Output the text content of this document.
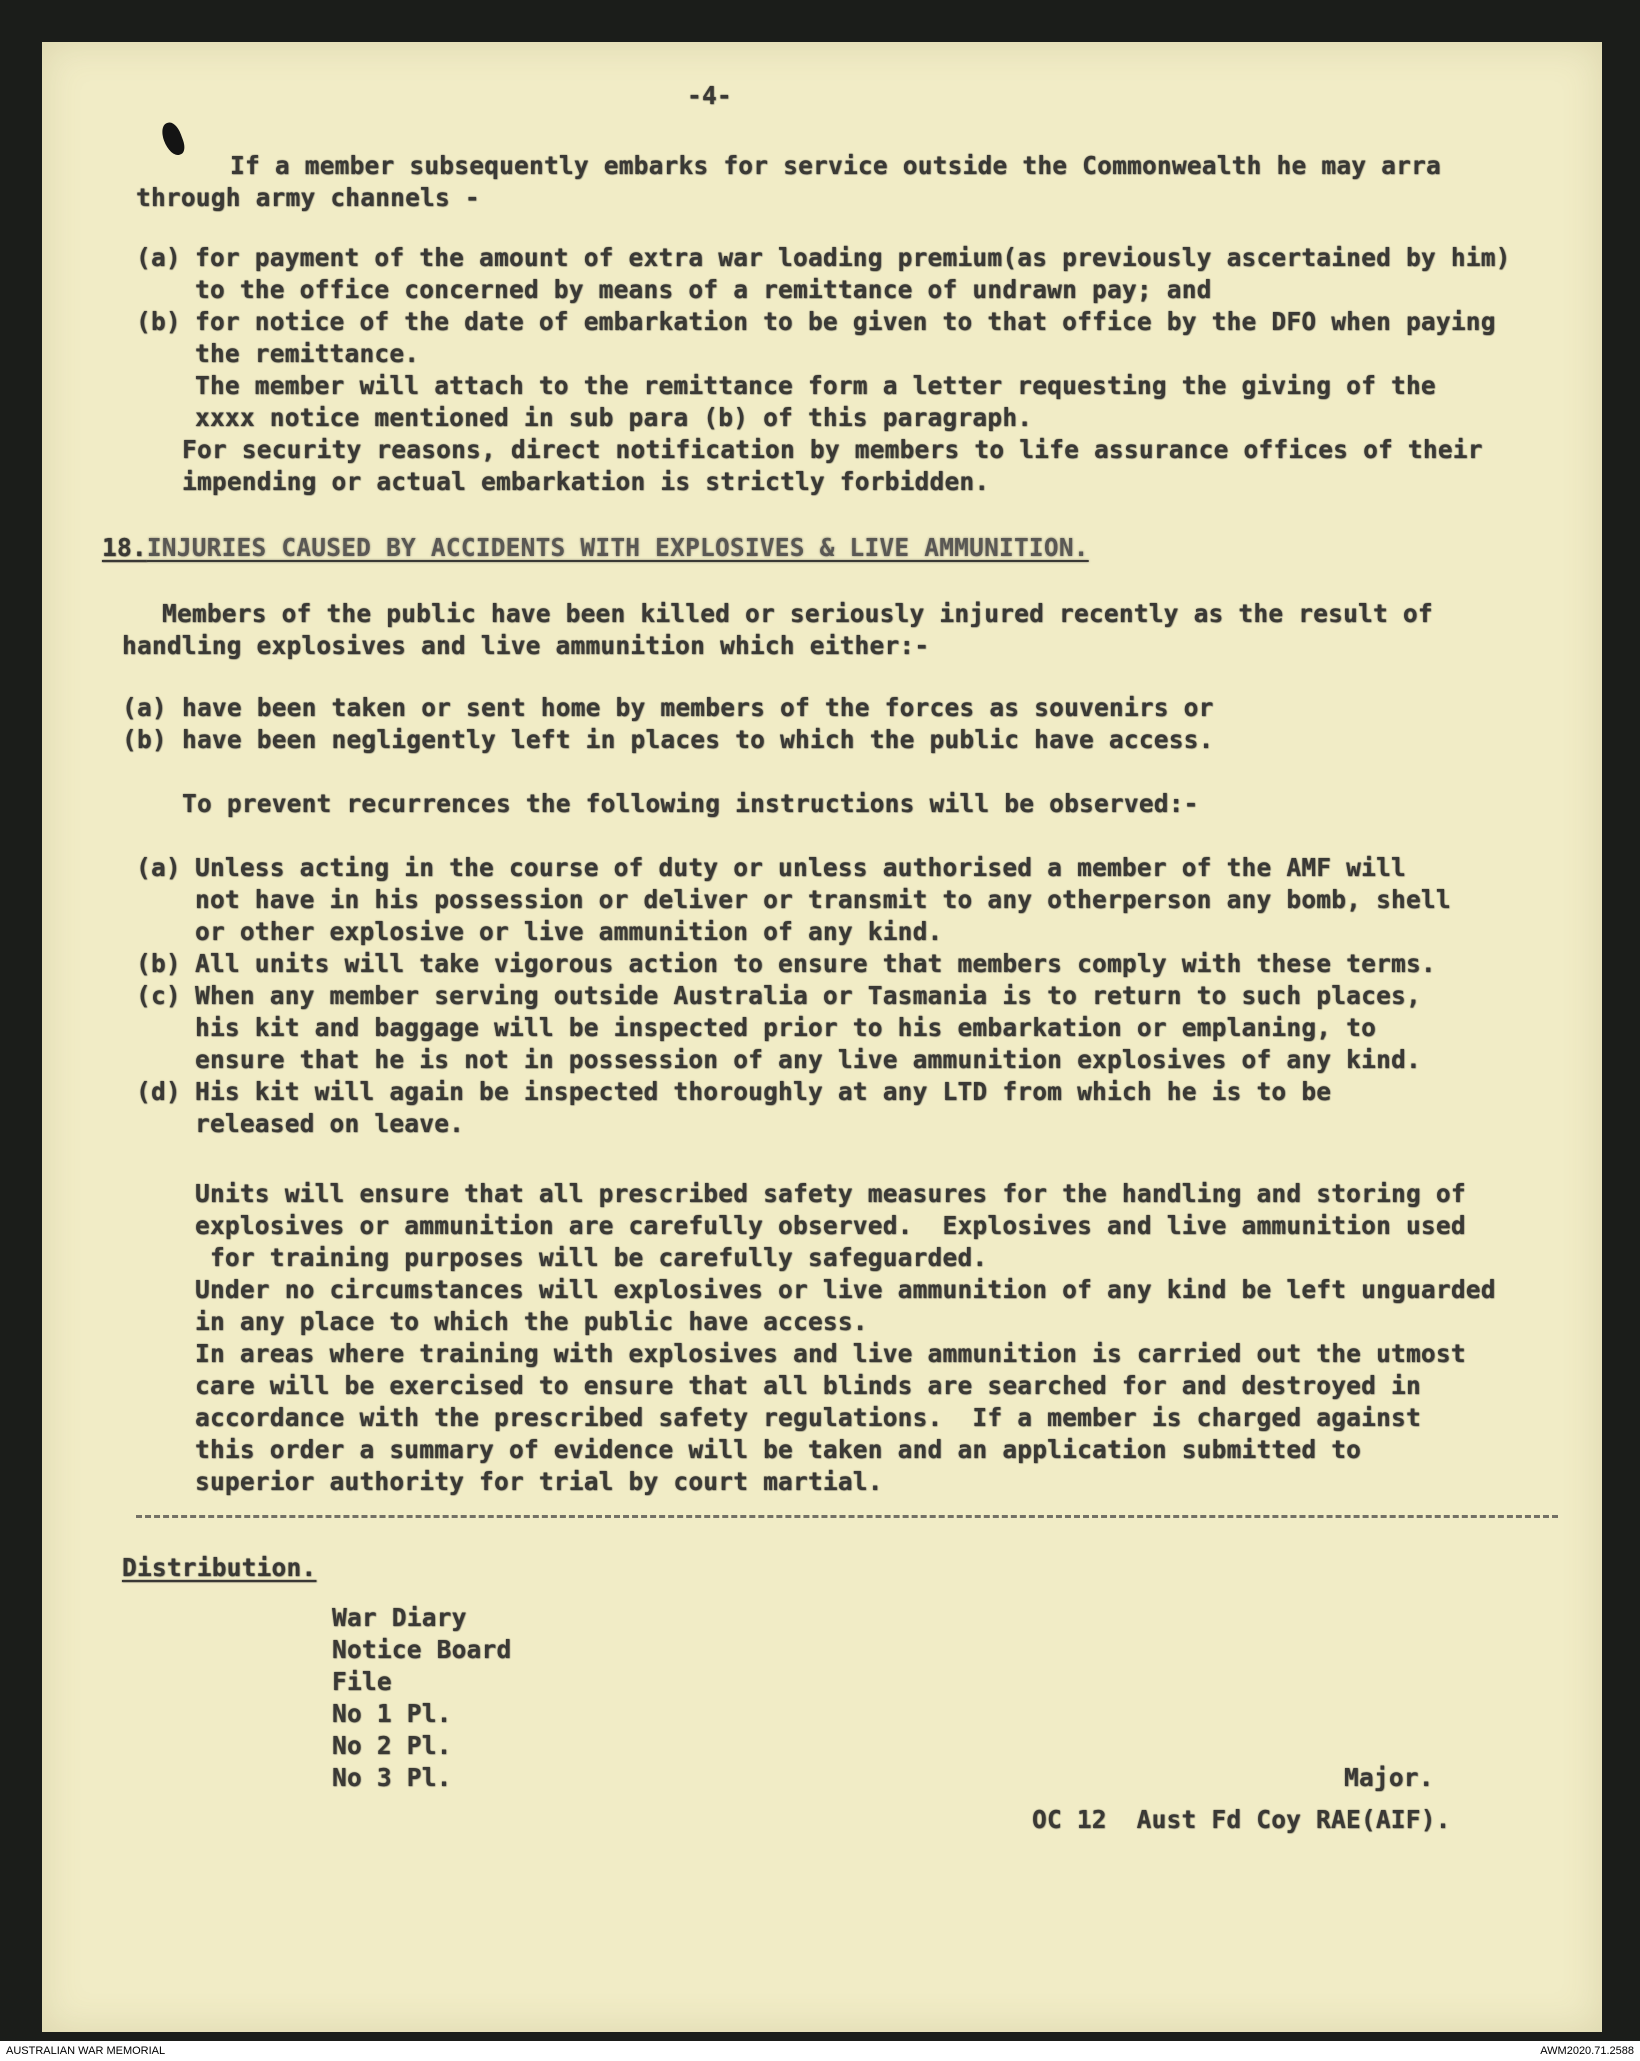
-4-
If a member subsequently embarks for service outside the Commonwealth he may arra
through army channels -
(a) for payment of the amount of extra war loading premium(as previously ascertained by him)
to the office concerned by means of a remittance of undrawn pay; and
(b) for notice of the date of embarkation to be given to that office by the DFO when paying
the remittance.
The member will attach to the remittance form a letter requesting the giving of the
xxxx notice mentioned in sub para (b) of this paragraph.
For security reasons, direct notification by members to life assurance offices of their
impending or actual embarkation is strictly forbidden.
18.INJURIES CAUSED BY ACCIDENTS WITH EXPLOSIVES & LIVE AMMUNITION.
Members of the public have been killed or seriously injured recently as the result of
handling explosives and live ammunition which either:-
(a) have been taken or sent home by members of the forces as souvenirs or
(b) have been negligently left in places to which the public have access.
To prevent recurrences the following instructions will be observed:-
(a) Unless acting in the course of duty or unless authorised a member of the AMF will
not have in his possession or deliver or transmit to any otherperson any bomb, shell
or other explosive or live ammunition of any kind.
(b) All units will take vigorous action to ensure that members comply with these terms.
(c) When any member serving outside Australia or Tasmania is to return to such places,
his kit and baggage will be inspected prior to his embarkation or emplaning, to
ensure that he is not in possession of any live ammunition explosives of any kind.
(d) His kit will again be inspected thoroughly at any LTD from which he is to be
released on leave.
Units will ensure that all prescribed safety measures for the handling and storing of
explosives or ammunition are carefully observed.  Explosives and live ammunition used
for training purposes will be carefully safeguarded.
Under no circumstances will explosives or live ammunition of any kind be left unguarded
in any place to which the public have access.
In areas where training with explosives and live ammunition is carried out the utmost
care will be exercised to ensure that all blinds are searched for and destroyed in
accordance with the prescribed safety regulations.  If a member is charged against
this order a summary of evidence will be taken and an application submitted to
superior authority for trial by court martial.
Distribution.
War Diary
Notice Board
File
No 1 Pl.
No 2 Pl.
No 3 Pl.	Major.
OC 12  Aust Fd Coy RAE(AIF).
AUSTRALIAN WAR MEMORIAL	AWM2020.71.2588
